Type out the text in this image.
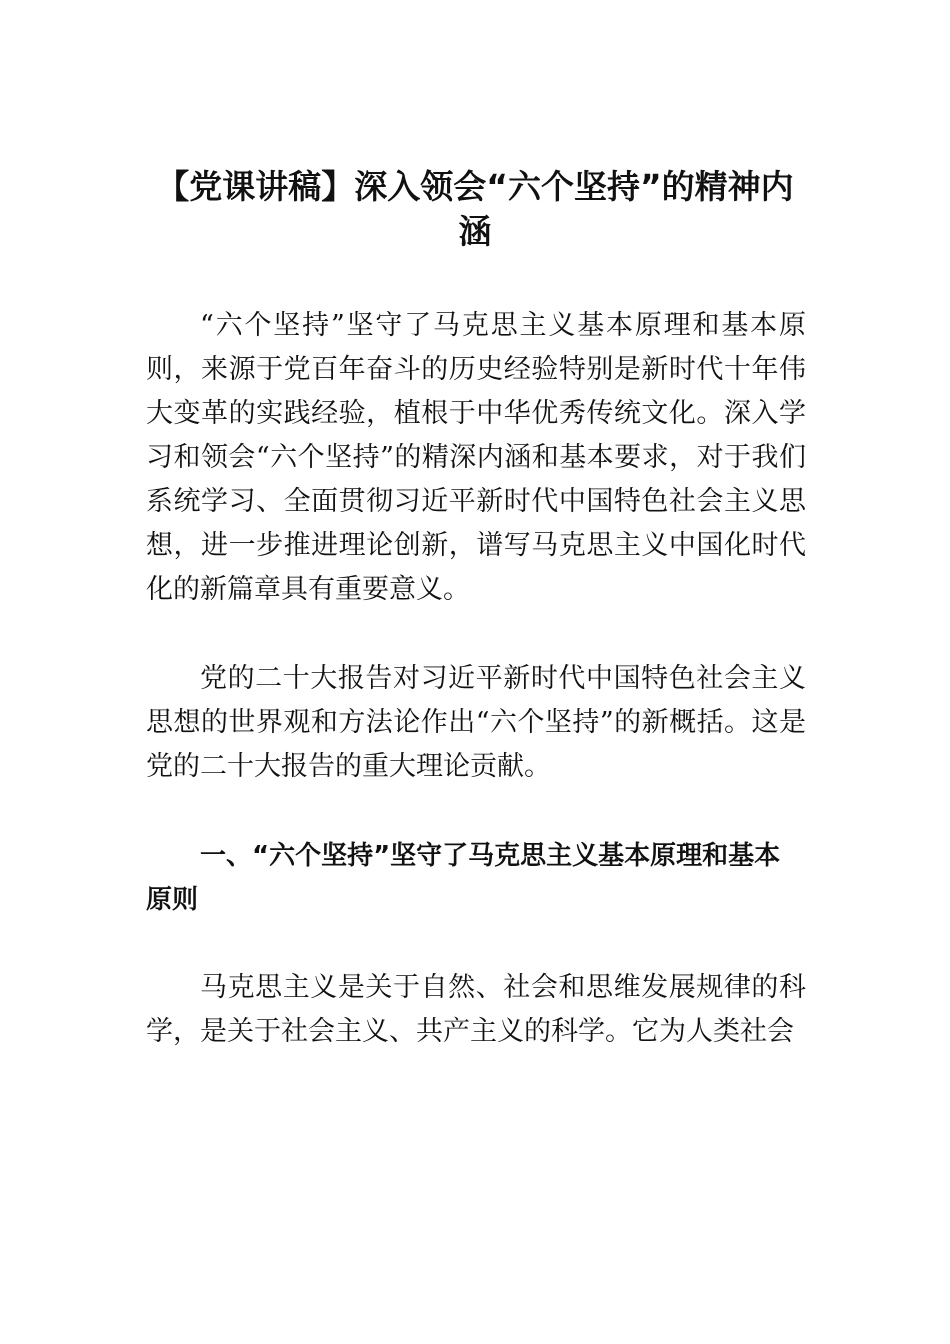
【党课讲稿】深入领会“六个坚持”的精神内涵

“六个坚持”坚守了马克思主义基本原理和基本原则，来源于党百年奋斗的历史经验特别是新时代十年伟大变革的实践经验，植根于中华优秀传统文化。深入学习和领会“六个坚持”的精深内涵和基本要求，对于我们系统学习、全面贯彻习近平新时代中国特色社会主义思想，进一步推进理论创新，谱写马克思主义中国化时代化的新篇章具有重要意义。

党的二十大报告对习近平新时代中国特色社会主义思想的世界观和方法论作出“六个坚持”的新概括。这是党的二十大报告的重大理论贡献。

一、“六个坚持”坚守了马克思主义基本原理和基本原则

马克思主义是关于自然、社会和思维发展规律的科学，是关于社会主义、共产主义的科学。它为人类社会
